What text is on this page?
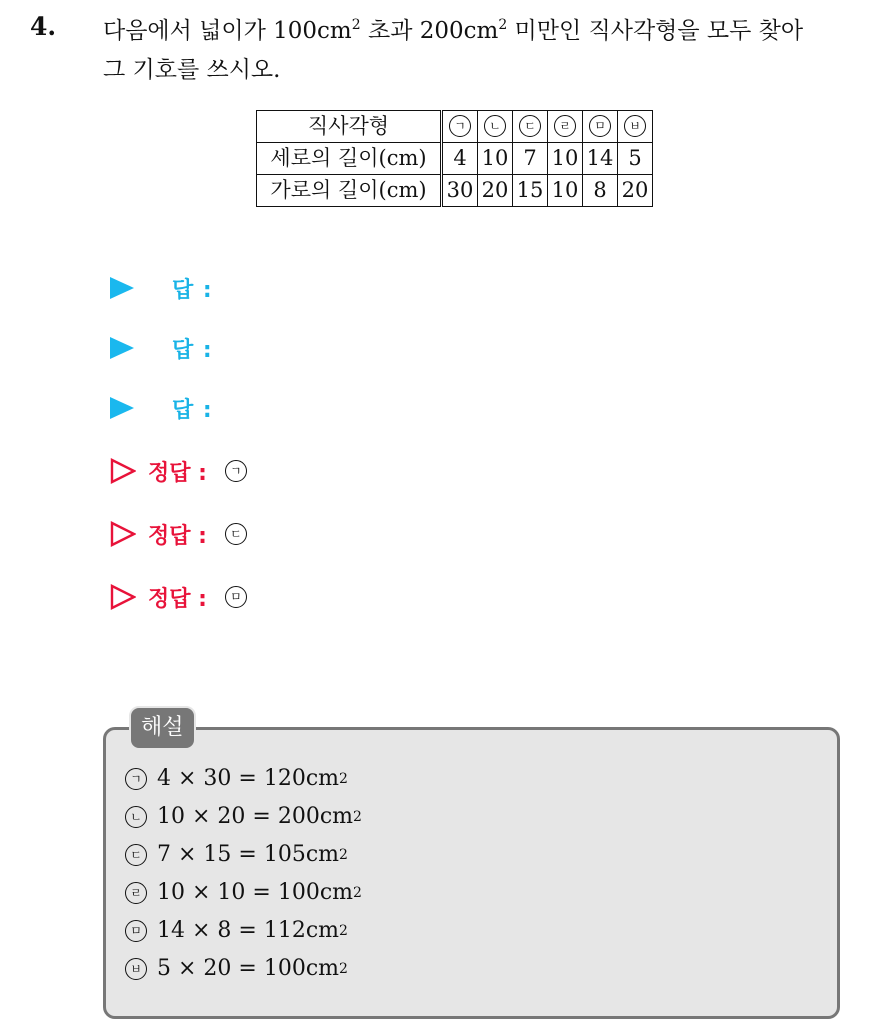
4. 다음에서 넓이가 $100cm^2$ 초과 $200cm^2$ 미만인 직사각형을 모두 찾아
그 기호를 쓰시오.
직사각형	ㄱ	ㄴ	ㄷ	ㄹ	ㅁ	ㅂ
세로의 길이(cm)	4	10	7	10	14	5
가로의 길이(cm)	30	20	15	10	8	20
답 :
답 :
답 :
정답 :	ㄱ
정답 :	ㄷ
정답 :	ㅁ
해설
ㄱ 4 × 30 = 120cm 2
ㄴ 10 × 20 = 200cm 2
ㄷ 7 × 15 = 105cm 2
ㄹ 10 × 10 = 100cm 2
ㅁ 14 × 8 = 112cm 2
ㅂ 5 × 20 = 100cm 2
